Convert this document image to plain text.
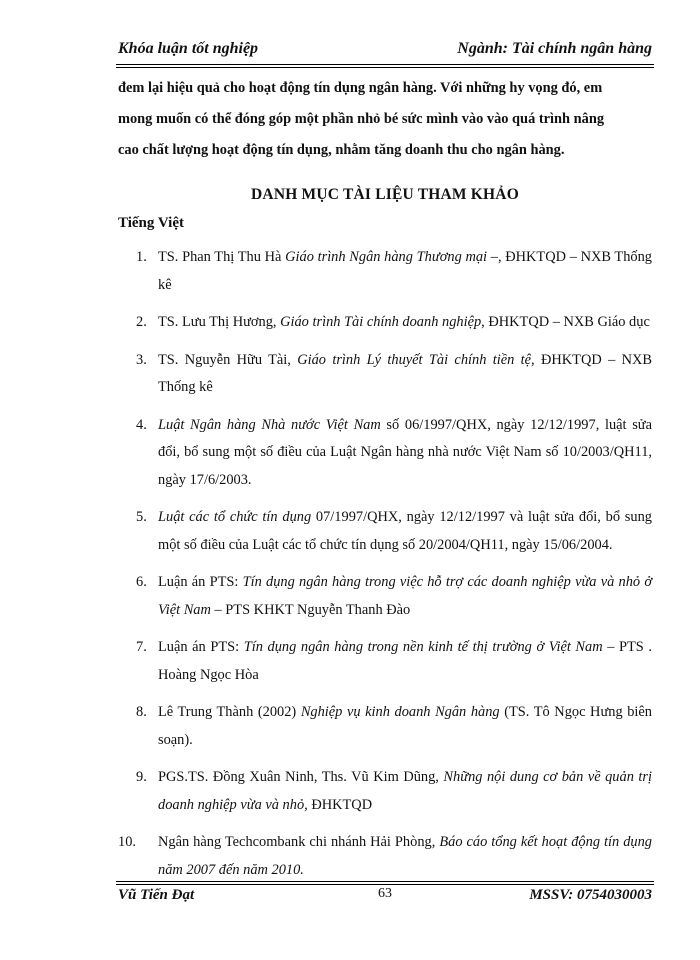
Khóa luận tốt nghiệp	Ngành: Tài chính ngân hàng
đem lại hiệu quả cho hoạt động tín dụng ngân hàng. Với những hy vọng đó, em
mong muốn có thể đóng góp một phần nhỏ bé sức mình vào vào quá trình nâng
cao chất lượng hoạt động tín dụng, nhằm tăng doanh thu cho ngân hàng.
DANH MỤC TÀI LIỆU THAM KHẢO
Tiếng Việt
1. TS. Phan Thị Thu Hà Giáo trình Ngân hàng Thương mại –, ĐHKTQD – NXB Thống kê
2. TS. Lưu Thị Hương, Giáo trình Tài chính doanh nghiệp, ĐHKTQD – NXB Giáo dục
3. TS. Nguyễn Hữu Tài, Giáo trình Lý thuyết Tài chính tiền tệ, ĐHKTQD – NXB Thống kê
4. Luật Ngân hàng Nhà nước Việt Nam số 06/1997/QHX, ngày 12/12/1997, luật sửa đổi, bổ sung một số điều của Luật Ngân hàng nhà nước Việt Nam số 10/2003/QH11, ngày 17/6/2003.
5. Luật các tổ chức tín dụng 07/1997/QHX, ngày 12/12/1997 và luật sửa đổi, bổ sung một số điều của Luật các tổ chức tín dụng số 20/2004/QH11, ngày 15/06/2004.
6. Luận án PTS: Tín dụng ngân hàng trong việc hỗ trợ các doanh nghiệp vừa và nhỏ ở Việt Nam – PTS KHKT Nguyễn Thanh Đào
7. Luận án PTS: Tín dụng ngân hàng trong nền kinh tế thị trường ở Việt Nam – PTS . Hoàng Ngọc Hòa
8. Lê Trung Thành (2002) Nghiệp vụ kinh doanh Ngân hàng (TS. Tô Ngọc Hưng biên soạn).
9. PGS.TS. Đồng Xuân Ninh, Ths. Vũ Kim Dũng, Những nội dung cơ bản về quản trị doanh nghiệp vừa và nhỏ, ĐHKTQD
10. Ngân hàng Techcombank chi nhánh Hải Phòng, Báo cáo tổng kết hoạt động tín dụng năm 2007 đến năm 2010.
Vũ Tiến Đạt	63	MSSV: 0754030003
